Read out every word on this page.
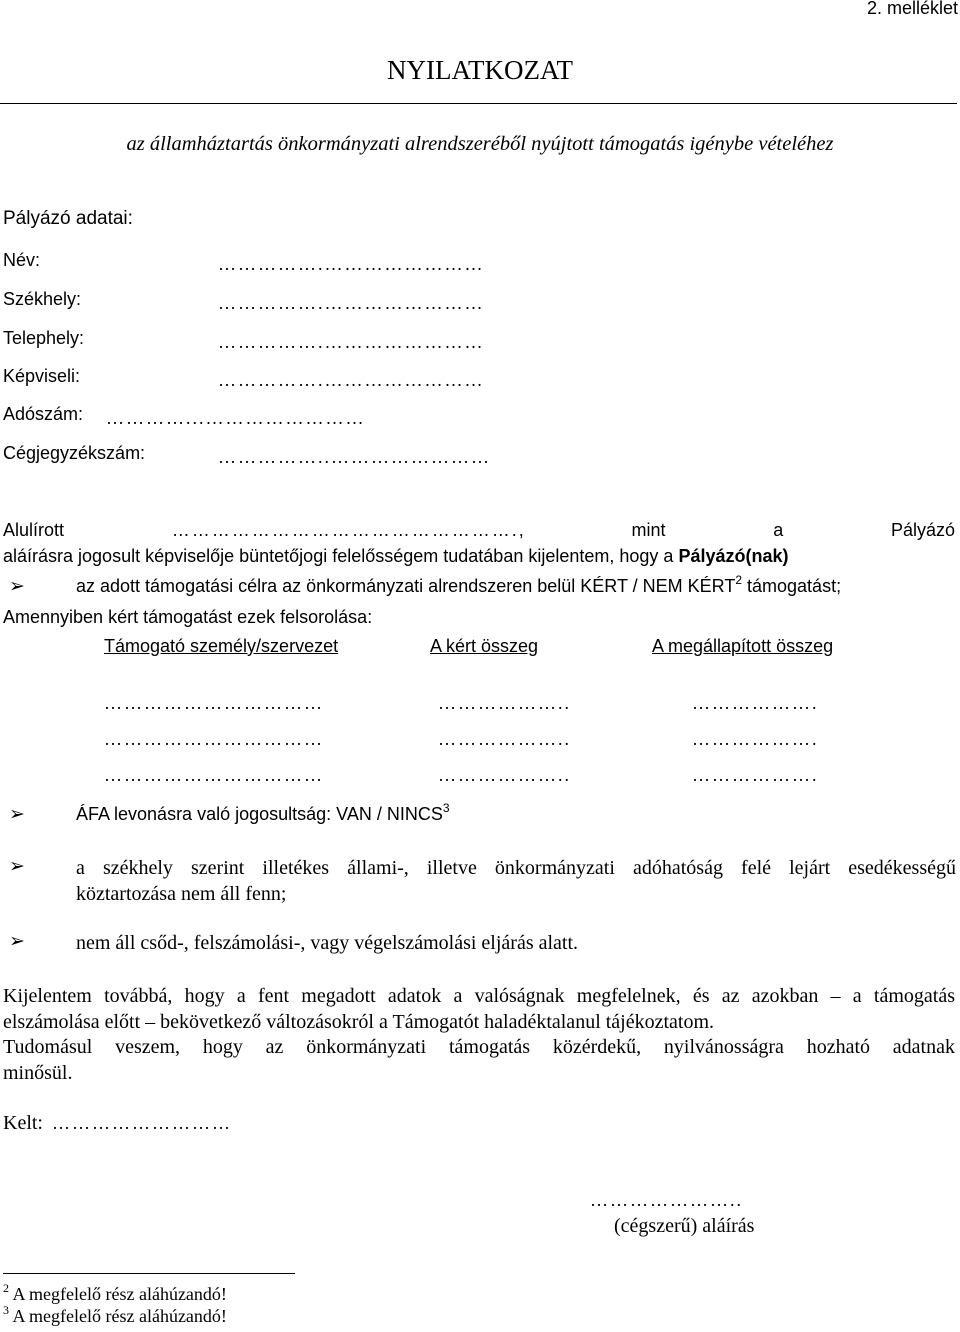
2. melléklet
NYILATKOZAT
az államháztartás önkormányzati alrendszeréből nyújtott támogatás igénybe vételéhez
Pályázó adatai:
Név:	…………….……………………
Székhely:	…………….……………………
Telephely:	…………….……………………
Képviseli:	…………….……………………
Adószám: …………...……………………
Cégjegyzékszám:	……………..……………………
Alulírott	……………………………………………., mint a Pályázó
aláírásra jogosult képviselője büntetőjogi felelősségem tudatában kijelentem, hogy a Pályázó(nak)
➢	az adott támogatási célra az önkormányzati alrendszeren belül KÉRT / NEM KÉRT$^2$ támogatást;
Amennyiben kért támogatást ezek felsorolása:
Támogató személy/szervezet	A kért összeg	A megállapított összeg
……………………………	………………..	……………….
……………………………	………………..	……………….
……………………………	………………..	……………….
➢	ÁFA levonásra való jogosultság: VAN / NINCS$^3$
➢	a székhely szerint illetékes állami-, illetve önkormányzati adóhatóság felé lejárt esedékességű
köztartozása nem áll fenn;
➢	nem áll csőd-, felszámolási-, vagy végelszámolási eljárás alatt.
Kijelentem továbbá, hogy a fent megadott adatok a valóságnak megfelelnek, és az azokban – a támogatás
elszámolása előtt – bekövetkező változásokról a Támogatót haladéktalanul tájékoztatom.
Tudomásul veszem, hogy az önkormányzati támogatás közérdekű, nyilvánosságra hozható adatnak
minősül.
Kelt: ………………………
…………………..
(cégszerű) aláírás
$^2$ A megfelelő rész aláhúzandó!
$^3$ A megfelelő rész aláhúzandó!
